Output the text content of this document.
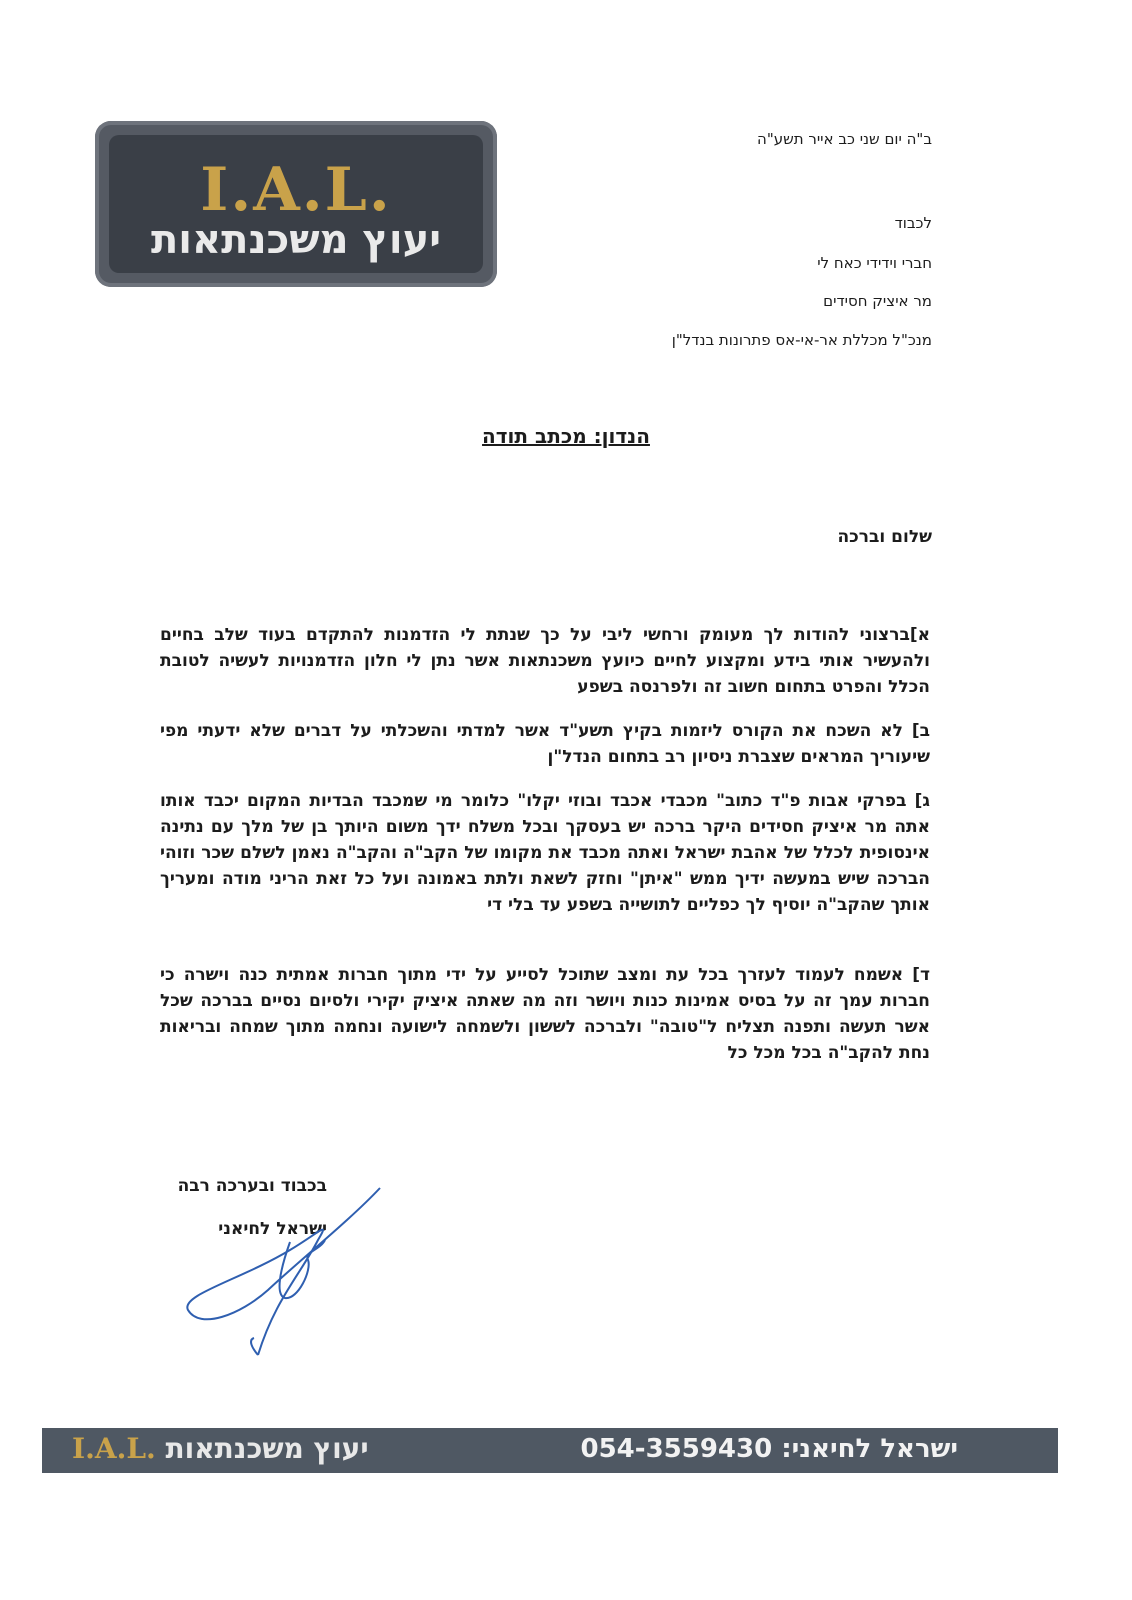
I.A.L.
יעוץ משכנתאות
ב"ה יום שני כב אייר תשע"ה
לכבוד
חברי וידידי כאח לי
מר איציק חסידים
מנכ"ל מכללת אר-אי-אס פתרונות בנדל"ן
הנדון: מכתב תודה
שלום וברכה
א]ברצוני להודות לך מעומק ורחשי ליבי על כך שנתת לי הזדמנות להתקדם בעוד שלב בחיים ולהעשיר אותי בידע ומקצוע לחיים כיועץ משכנתאות אשר נתן לי חלון הזדמנויות לעשיה לטובת הכלל והפרט בתחום חשוב זה ולפרנסה בשפע
ב] לא השכח את הקורס ליזמות בקיץ תשע"ד אשר למדתי והשכלתי על דברים שלא ידעתי מפי שיעוריך המראים שצברת ניסיון רב בתחום הנדל"ן
ג] בפרקי אבות פ"ד כתוב" מכבדי אכבד ובוזי יקלו" כלומר מי שמכבד הבדיות המקום יכבד אותו אתה מר איציק חסידים היקר ברכה יש בעסקך ובכל משלח ידך משום היותך בן של מלך עם נתינה אינסופית לכלל של אהבת ישראל ואתה מכבד את מקומו של הקב"ה והקב"ה נאמן לשלם שכר וזוהי הברכה שיש במעשה ידיך ממש "איתן" וחזק לשאת ולתת באמונה ועל כל זאת הריני מודה ומעריך אותך שהקב"ה יוסיף לך כפליים לתושייה בשפע עד בלי די
ד] אשמח לעמוד לעזרך בכל עת ומצב שתוכל לסייע על ידי מתוך חברות אמתית כנה וישרה כי חברות עמך זה על בסיס אמינות כנות ויושר וזה מה שאתה איציק יקירי ולסיום נסיים בברכה שכל אשר תעשה ותפנה תצליח ל"טובה" ולברכה לששון ולשמחה לישועה ונחמה מתוך שמחה ובריאות נחת להקב"ה בכל מכל כל
בכבוד ובערכה רבה
ישראל לחיאני
I.A.L. יעוץ משכנתאות	ישראל לחיאני: 054-3559430
